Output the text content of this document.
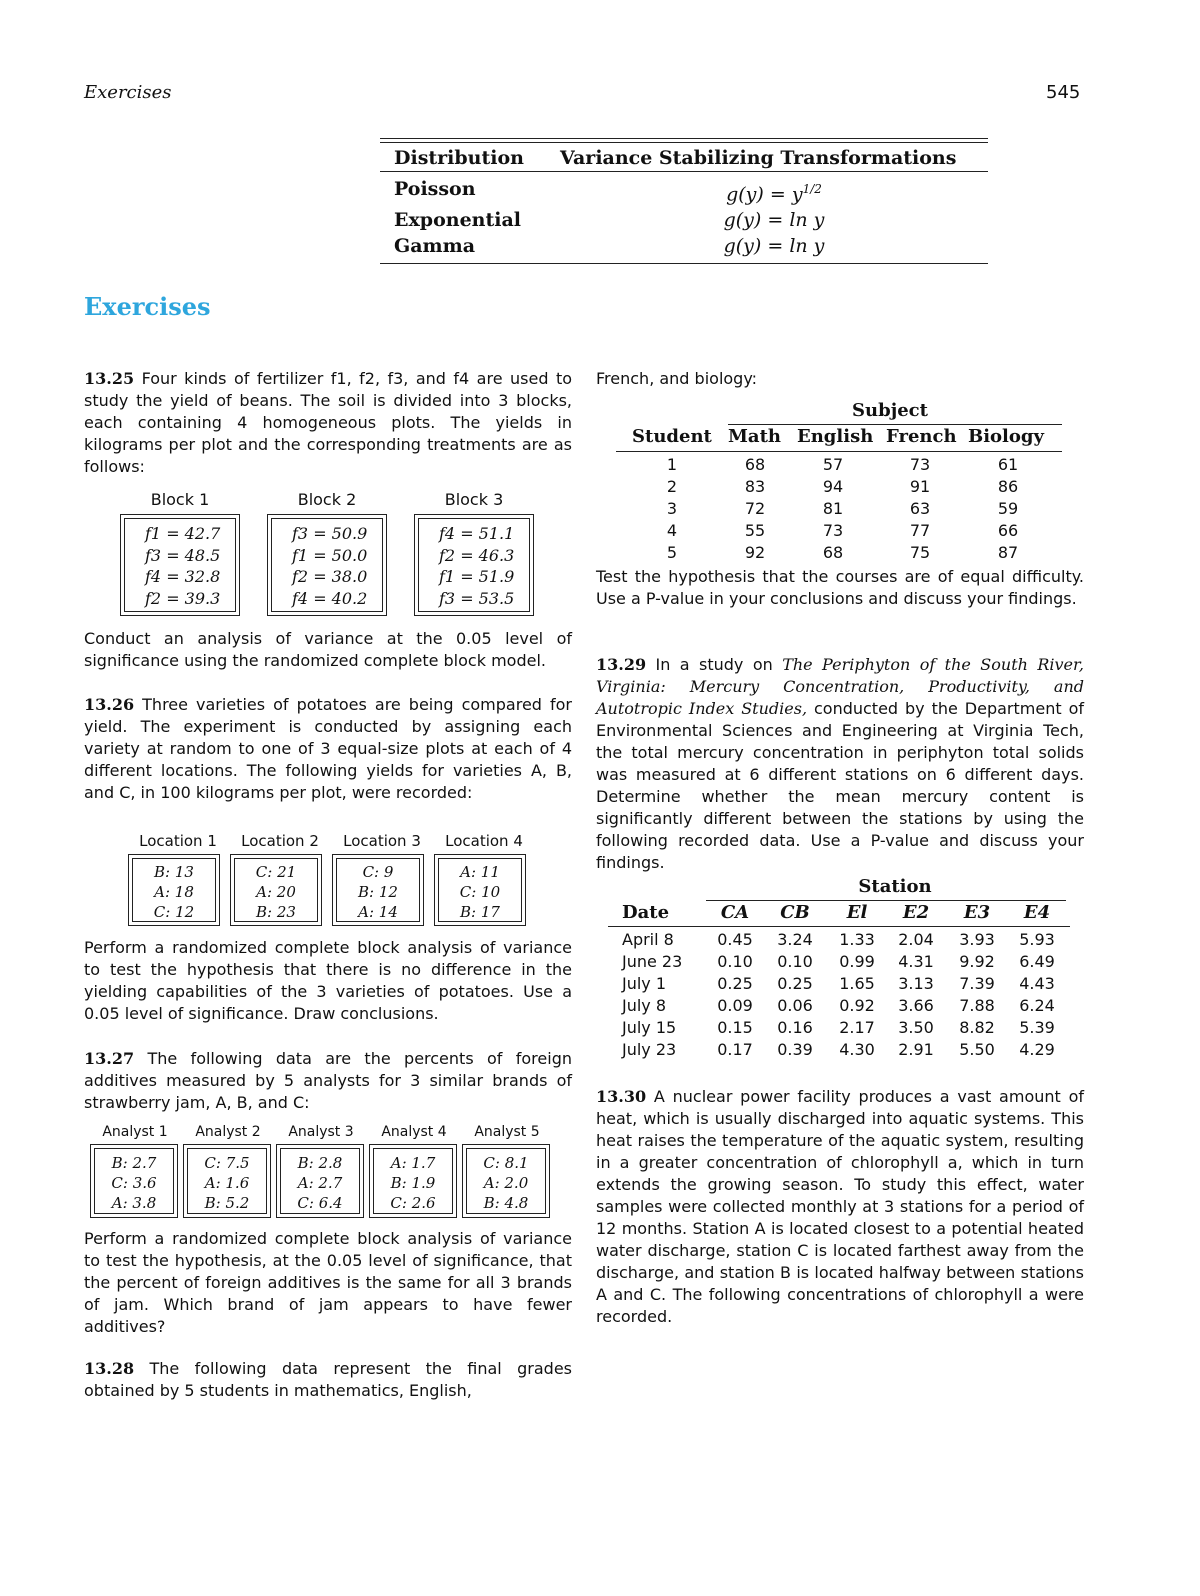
Exercises	545
Distribution	Variance Stabilizing Transformations
Poisson	$g(y) = y^{1/2}$
Exponential	g(y) = ln y
Gamma	g(y) = ln y
Exercises
13.25 Four kinds of fertilizer f1, f2, f3, and f4 are used to study the yield of beans. The soil is divided into 3 blocks, each containing 4 homogeneous plots. The yields in kilograms per plot and the corresponding treatments are as follows:
Block 1	Block 2	Block 3
f1 = 42.7
f3 = 48.5
f4 = 32.8
f2 = 39.3
f3 = 50.9
f1 = 50.0
f2 = 38.0
f4 = 40.2
f4 = 51.1
f2 = 46.3
f1 = 51.9
f3 = 53.5
Conduct an analysis of variance at the 0.05 level of significance using the randomized complete block model.
13.26 Three varieties of potatoes are being compared for yield. The experiment is conducted by assigning each variety at random to one of 3 equal-size plots at each of 4 different locations. The following yields for varieties A, B, and C, in 100 kilograms per plot, were recorded:
Location 1	Location 2	Location 3	Location 4
B: 13
A: 18
C: 12
C: 21
A: 20
B: 23
C: 9
B: 12
A: 14
A: 11
C: 10
B: 17
Perform a randomized complete block analysis of variance to test the hypothesis that there is no difference in the yielding capabilities of the 3 varieties of potatoes. Use a 0.05 level of significance. Draw conclusions.
13.27 The following data are the percents of foreign additives measured by 5 analysts for 3 similar brands of strawberry jam, A, B, and C:
Analyst 1	Analyst 2	Analyst 3	Analyst 4	Analyst 5
B: 2.7
C: 3.6
A: 3.8
C: 7.5
A: 1.6
B: 5.2
B: 2.8
A: 2.7
C: 6.4
A: 1.7
B: 1.9
C: 2.6
C: 8.1
A: 2.0
B: 4.8
Perform a randomized complete block analysis of variance to test the hypothesis, at the 0.05 level of significance, that the percent of foreign additives is the same for all 3 brands of jam. Which brand of jam appears to have fewer additives?
13.28 The following data represent the final grades obtained by 5 students in mathematics, English,
French, and biology:
Subject
Student Math English French Biology
1	68	57	73	61
2	83	94	91	86
3	72	81	63	59
4	55	73	77	66
5	92	68	75	87
Test the hypothesis that the courses are of equal difficulty. Use a P-value in your conclusions and discuss your findings.
13.29 In a study on The Periphyton of the South River, Virginia: Mercury Concentration, Productivity, and Autotropic Index Studies, conducted by the Department of Environmental Sciences and Engineering at Virginia Tech, the total mercury concentration in periphyton total solids was measured at 6 different stations on 6 different days. Determine whether the mean mercury content is significantly different between the stations by using the following recorded data. Use a P-value and discuss your findings.
Station
Date	CA	CB	El	E2	E3	E4
April 8	0.45	3.24	1.33	2.04	3.93	5.93
June 23	0.10	0.10	0.99	4.31	9.92	6.49
July 1	0.25	0.25	1.65	3.13	7.39	4.43
July 8	0.09	0.06	0.92	3.66	7.88	6.24
July 15	0.15	0.16	2.17	3.50	8.82	5.39
July 23	0.17	0.39	4.30	2.91	5.50	4.29
13.30 A nuclear power facility produces a vast amount of heat, which is usually discharged into aquatic systems. This heat raises the temperature of the aquatic system, resulting in a greater concentration of chlorophyll a, which in turn extends the growing season. To study this effect, water samples were collected monthly at 3 stations for a period of 12 months. Station A is located closest to a potential heated water discharge, station C is located farthest away from the discharge, and station B is located halfway between stations A and C. The following concentrations of chlorophyll a were recorded.
